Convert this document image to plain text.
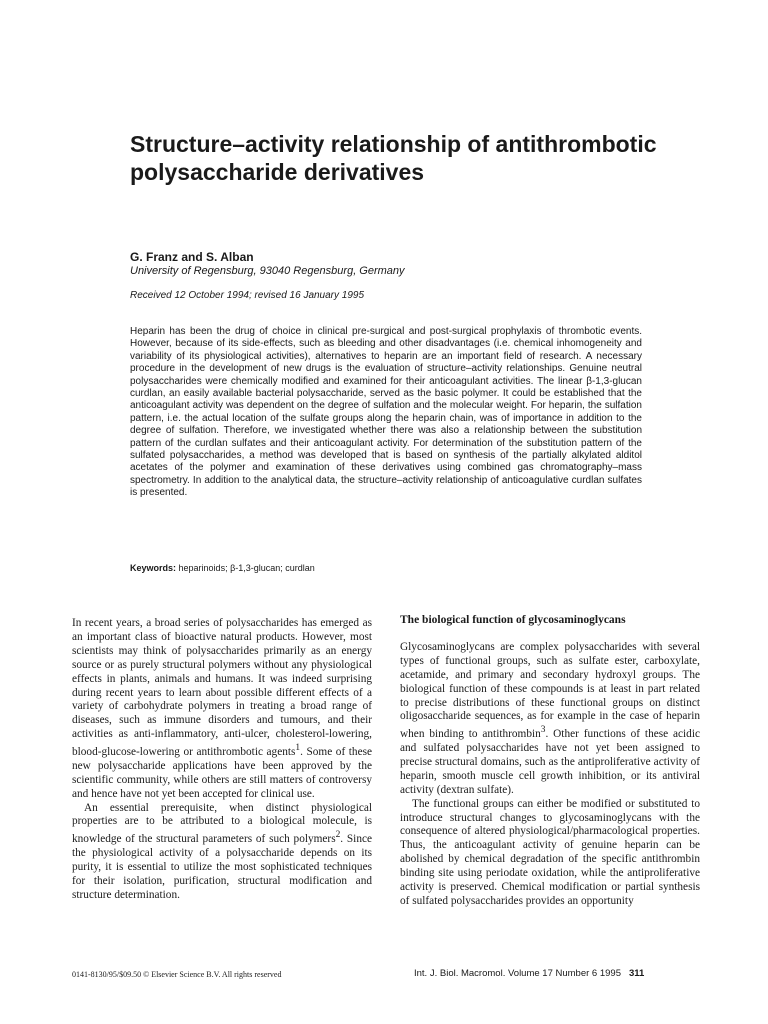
Structure–activity relationship of antithrombotic polysaccharide derivatives

G. Franz and S. Alban

University of Regensburg, 93040 Regensburg, Germany

Received 12 October 1994; revised 16 January 1995

Heparin has been the drug of choice in clinical pre-surgical and post-surgical prophylaxis of thrombotic events. However, because of its side-effects, such as bleeding and other disadvantages (i.e. chemical inhomogeneity and variability of its physiological activities), alternatives to heparin are an important field of research. A necessary procedure in the development of new drugs is the evaluation of structure–activity relationships. Genuine neutral polysaccharides were chemically modified and examined for their anticoagulant activities. The linear β-1,3-glucan curdlan, an easily available bacterial polysaccharide, served as the basic polymer. It could be established that the anticoagulant activity was dependent on the degree of sulfation and the molecular weight. For heparin, the sulfation pattern, i.e. the actual location of the sulfate groups along the heparin chain, was of importance in addition to the degree of sulfation. Therefore, we investigated whether there was also a relationship between the substitution pattern of the curdlan sulfates and their anticoagulant activity. For determination of the substitution pattern of the sulfated polysaccharides, a method was developed that is based on synthesis of the partially alkylated alditol acetates of the polymer and examination of these derivatives using combined gas chromatography–mass spectrometry. In addition to the analytical data, the structure–activity relationship of anticoagulative curdlan sulfates is presented.

Keywords: heparinoids; β-1,3-glucan; curdlan

In recent years, a broad series of polysaccharides has emerged as an important class of bioactive natural products. However, most scientists may think of polysaccharides primarily as an energy source or as purely structural polymers without any physiological effects in plants, animals and humans. It was indeed surprising during recent years to learn about possible different effects of a variety of carbohydrate polymers in treating a broad range of diseases, such as immune disorders and tumours, and their activities as anti-inflammatory, anti-ulcer, cholesterol-lowering, blood-glucose-lowering or antithrombotic agents$^1$. Some of these new polysaccharide applications have been approved by the scientific community, while others are still matters of controversy and hence have not yet been accepted for clinical use.

An essential prerequisite, when distinct physiological properties are to be attributed to a biological molecule, is knowledge of the structural parameters of such polymers$^2$. Since the physiological activity of a polysaccharide depends on its purity, it is essential to utilize the most sophisticated techniques for their isolation, purification, structural modification and structure determination.

The biological function of glycosaminoglycans

Glycosaminoglycans are complex polysaccharides with several types of functional groups, such as sulfate ester, carboxylate, acetamide, and primary and secondary hydroxyl groups. The biological function of these compounds is at least in part related to precise distributions of these functional groups on distinct oligosaccharide sequences, as for example in the case of heparin when binding to antithrombin$^3$. Other functions of these acidic and sulfated polysaccharides have not yet been assigned to precise structural domains, such as the antiproliferative activity of heparin, smooth muscle cell growth inhibition, or its antiviral activity (dextran sulfate).

The functional groups can either be modified or substituted to introduce structural changes to glycosaminoglycans with the consequence of altered physiological/pharmacological properties. Thus, the anticoagulant activity of genuine heparin can be abolished by chemical degradation of the specific antithrombin binding site using periodate oxidation, while the antiproliferative activity is preserved. Chemical modification or partial synthesis of sulfated polysaccharides provides an opportunity

0141-8130/95/$09.50 © Elsevier Science B.V. All rights reserved	Int. J. Biol. Macromol. Volume 17 Number 6 1995 311
